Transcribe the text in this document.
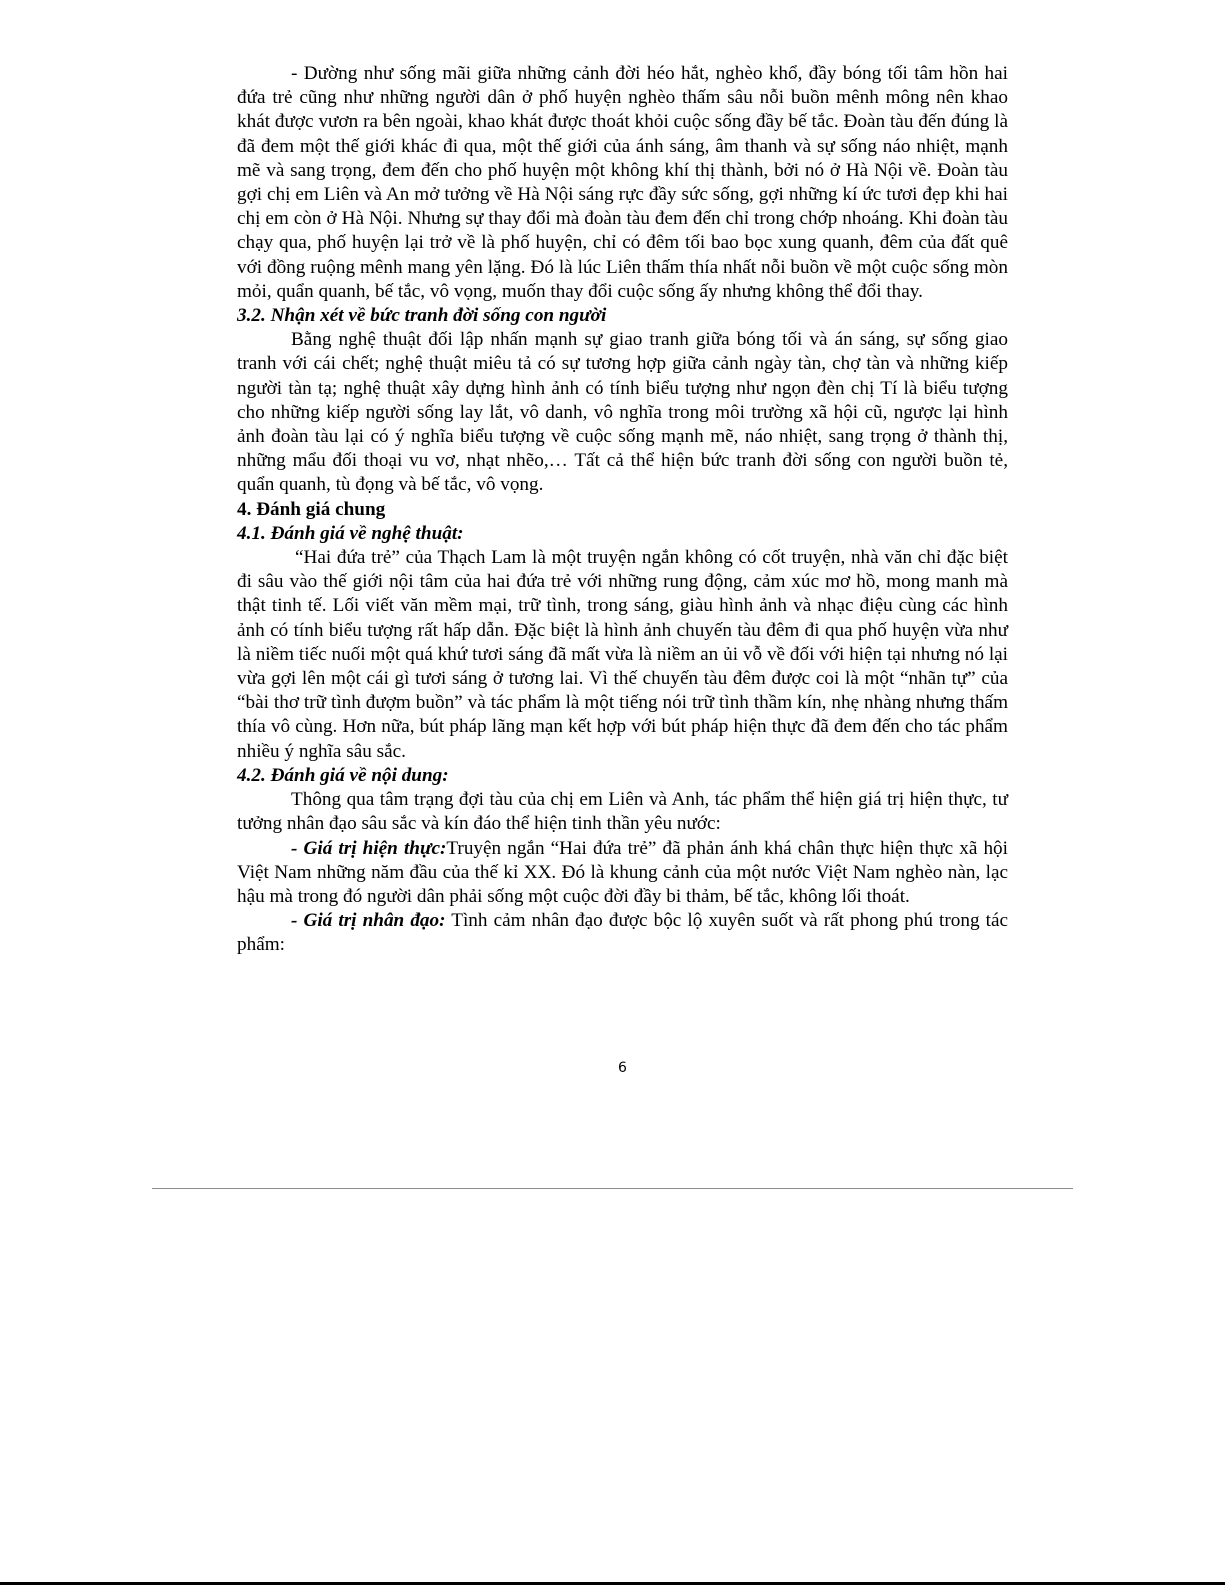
- Dường như sống mãi giữa những cảnh đời héo hắt, nghèo khổ, đầy bóng tối tâm hồn hai đứa trẻ cũng như những người dân ở phố huyện nghèo thấm sâu nỗi buồn mênh mông nên khao khát được vươn ra bên ngoài, khao khát được thoát khỏi cuộc sống đầy bế tắc. Đoàn tàu đến đúng là đã đem một thế giới khác đi qua, một thế giới của ánh sáng, âm thanh và sự sống náo nhiệt, mạnh mẽ và sang trọng, đem đến cho phố huyện một không khí thị thành, bởi nó ở Hà Nội về. Đoàn tàu gợi chị em Liên và An mở tưởng về Hà Nội sáng rực đầy sức sống, gợi những kí ức tươi đẹp khi hai chị em còn ở Hà Nội. Nhưng sự thay đổi mà đoàn tàu đem đến chỉ trong chớp nhoáng. Khi đoàn tàu chạy qua, phố huyện lại trở về là phố huyện, chỉ có đêm tối bao bọc xung quanh, đêm của đất quê với đồng ruộng mênh mang yên lặng. Đó là lúc Liên thấm thía nhất nỗi buồn về một cuộc sống mòn mỏi, quẩn quanh, bế tắc, vô vọng, muốn thay đổi cuộc sống ấy nhưng không thể đổi thay.

3.2. Nhận xét về bức tranh đời sống con người

Bằng nghệ thuật đối lập nhấn mạnh sự giao tranh giữa bóng tối và án sáng, sự sống giao tranh với cái chết; nghệ thuật miêu tả có sự tương hợp giữa cảnh ngày tàn, chợ tàn và những kiếp người tàn tạ; nghệ thuật xây dựng hình ảnh có tính biểu tượng như ngọn đèn chị Tí là biểu tượng cho những kiếp người sống lay lắt, vô danh, vô nghĩa trong môi trường xã hội cũ, ngược lại hình ảnh đoàn tàu lại có ý nghĩa biểu tượng về cuộc sống mạnh mẽ, náo nhiệt, sang trọng ở thành thị, những mẩu đối thoại vu vơ, nhạt nhẽo,… Tất cả thể hiện bức tranh đời sống con người buồn tẻ, quẩn quanh, tù đọng và bế tắc, vô vọng.

4. Đánh giá chung

4.1. Đánh giá về nghệ thuật:

“Hai đứa trẻ” của Thạch Lam là một truyện ngắn không có cốt truyện, nhà văn chỉ đặc biệt đi sâu vào thế giới nội tâm của hai đứa trẻ với những rung động, cảm xúc mơ hồ, mong manh mà thật tinh tế. Lối viết văn mềm mại, trữ tình, trong sáng, giàu hình ảnh và nhạc điệu cùng các hình ảnh có tính biểu tượng rất hấp dẫn. Đặc biệt là hình ảnh chuyến tàu đêm đi qua phố huyện vừa như là niềm tiếc nuối một quá khứ tươi sáng đã mất vừa là niềm an ủi vỗ về đối với hiện tại nhưng nó lại vừa gợi lên một cái gì tươi sáng ở tương lai. Vì thế chuyến tàu đêm được coi là một “nhãn tự” của “bài thơ trữ tình đượm buồn” và tác phẩm là một tiếng nói trữ tình thầm kín, nhẹ nhàng nhưng thấm thía vô cùng. Hơn nữa, bút pháp lãng mạn kết hợp với bút pháp hiện thực đã đem đến cho tác phẩm nhiều ý nghĩa sâu sắc.

4.2. Đánh giá về nội dung:

Thông qua tâm trạng đợi tàu của chị em Liên và Anh, tác phẩm thể hiện giá trị hiện thực, tư tưởng nhân đạo sâu sắc và kín đáo thể hiện tinh thần yêu nước:

- Giá trị hiện thực:Truyện ngắn “Hai đứa trẻ” đã phản ánh khá chân thực hiện thực xã hội Việt Nam những năm đầu của thế kỉ XX. Đó là khung cảnh của một nước Việt Nam nghèo nàn, lạc hậu mà trong đó người dân phải sống một cuộc đời đầy bi thảm, bế tắc, không lối thoát.

- Giá trị nhân đạo: Tình cảm nhân đạo được bộc lộ xuyên suốt và rất phong phú trong tác phẩm:

6
